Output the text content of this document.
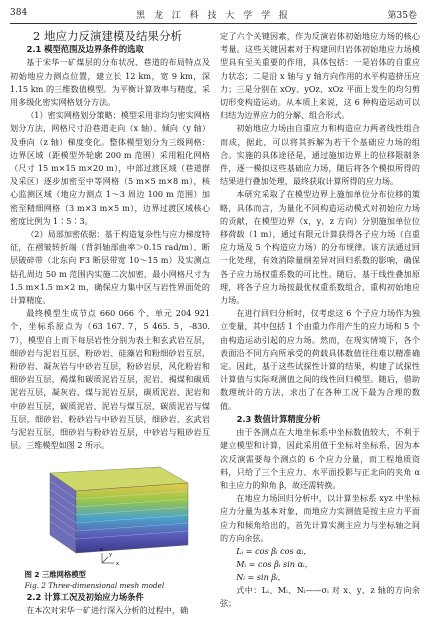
384	黑 龙 江 科 技 大 学 学 报	第35卷

2 地应力反演建模及结果分析

2.1 模型范围及边界条件的选取

基于宋华一矿煤层的分布状况、巷道的布局特点及初始地应力测点位置，建立长 12 km，宽 9 km，深 1.15 km 的三维数值模型。为平衡计算效率与精度，采用多级化密实网格划分方法。

（1）密实网格划分策略：模型采用非均匀密实网格划分方法，网格尺寸沿巷道走向（x 轴）、倾向（y 轴）及垂向（z 轴）梯度变化。整体模型划分为三级网格：边界区域（距模型外轮廓 200 m 范围）采用粗化网格（尺寸 15 m×15 m×20 m），中部过渡区域（巷道群及采区）逐步加密至中等网格（5 m×5 m×8 m），核心监测区域（地应力测点 1～3 周边 100 m 范围）加密至精细网格（3 m×3 m×5 m），边界过渡区域核心密度比例为 1∶5∶3。

（2）局部加密依据：基于构造复杂性与应力梯度特征，在褶皱转折端（背斜轴部曲率＞0.15 rad/m）、断层破碎带（北东向 F3 断层带宽 10～15 m）及实测点钻孔周边 50 m 范围内实施二次加密，最小网格尺寸为 1.5 m×1.5 m×2 m，确保应力集中区与岩性界面处的计算精度。

最终模型生成节点 660 066 个、单元 204 921 个，坐标系原点为（63 167. 7，5 465. 5，-830. 7），模型自上而下每层岩性分别为表土和玄武岩互层，细砂岩与泥岩互层，粉砂岩、硅藻岩和粉细砂岩互层，粉砂岩、凝灰岩与中砂岩互层，粉砂岩层，风化粉岩和细砂岩互层，褐煤和碳质泥岩互层，泥岩、褐煤和碳质泥岩互层，凝灰岩、煤与泥岩互层，碳质泥岩、泥岩和中砂岩互层，碳质泥岩、泥岩与煤互层，碳质泥岩与煤互层，细砂岩、粉砂岩与中砂岩互层，细砂岩、玄武岩与泥岩互层，细砂岩与粉砂岩互层，中砂岩与粗砂岩互层。三维模型如图 2 所示。

x
y
z

图 2 三维网格模型

Fig. 2 Three-dimensional mesh model

2.2 计算工况及初始应力场条件

在本次对宋华一矿进行深入分析的过程中，确

定了六个关键因素，作为反演岩体初始地应力场的核心考量。这些关键因素对于构建回归岩体初始地应力场模型具有至关重要的作用，具体包括：一是岩体的自重应力状态；二是沿 x 轴与 y 轴方向作用的水平构造挤压应力；三是分别在 xOy、yOz、xOz 平面上发生的均匀剪切形变构造运动。从本质上来说，这 6 种构造运动可以归结为边界应力的分解、组合形式。

初始地应力场由自重应力和构造应力两者线性组合而成，据此，可以将其拆解为若干个基础应力场的组合。实施的具体途径是，通过施加边界上的位移限制条件，逐一模拟这些基础应力场，随后将各个模拟所得的结果进行叠加处理，最终获取计算所得的应力场。

本研究采取了在模型边界上施加单位分布位移的策略，具体而言，为量化不同构造运动模式对初始应力场的贡献，在模型边界（x，y，z 方向）分别施加单位位移荷载（1 m），通过有限元计算获得各子应力场（自重应力场及 5 个构造应力场）的分布规律。该方法通过回一化处理，有效消除量纲差异对回归系数的影响，确保各子应力场权重系数的可比性。随后，基于线性叠加原理，将各子应力场按最优权重系数组合，重构初始地应力场。

在进行回归分析时，仅考虑这 6 个子应力场作为独立变量，其中包括 1 个由重力作用产生的应力场和 5 个由构造运动引起的应力场。然而，在现实情境下，各个表面沿不同方向所承受的荷载具体数值往往难以精准确定。因此，基于这些试探性计算的结果，构建了试探性计算值与实际观测值之间的线性回归模型。随后，借助数理统计的方法，求出了在各种工况下最为合理的数值。

2.3 数值计算精度分析

由于各测点在大地坐标系中坐标数值较大，不利于建立模型和计算，因此采用值于坐标对坐标系，因为本次反演需要每个测点的 6 个应力分量，而工程地质资料，只给了三个主应力、水平面投影与正北向的夹角 α 和主应力的仰角 β，故还需转换。

在地应力场回归分析中，以计算坐标系 xyz 中坐标应力分量为基本对象，而地应力实测值是按主应力平面应力和倾角给出的，首先计算实测主应力与坐标轴之间的方向余弦。

Lᵢ = cos βᵢ cos αᵢ，
Mᵢ = cos βᵢ sin αᵢ，
Nᵢ = sin βᵢ，

式中：Lᵢ、Mᵢ、Nᵢ——σᵢ 对 x、y、z 轴的方向余弦；
